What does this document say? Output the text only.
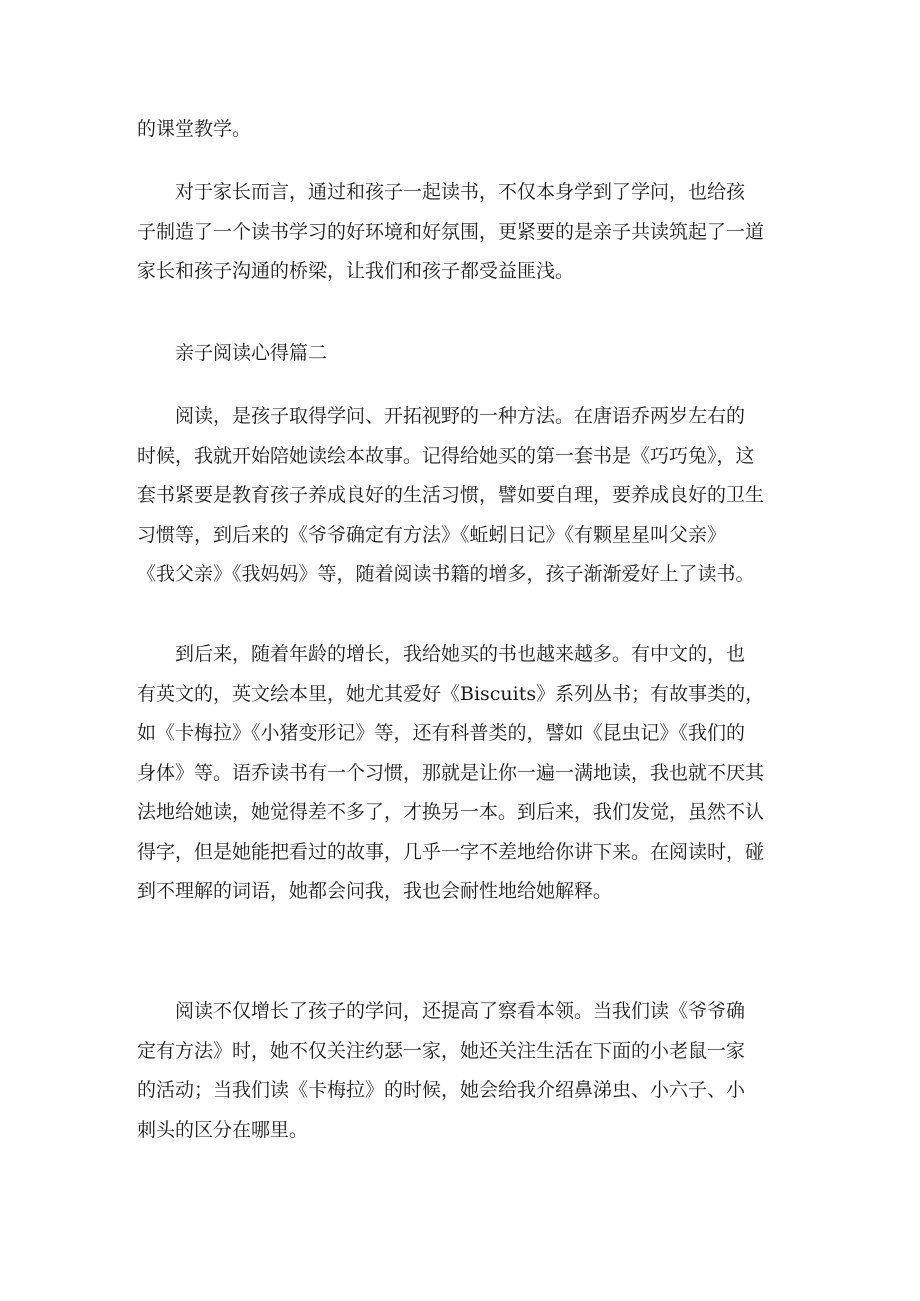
的课堂教学。
对于家长而言，通过和孩子一起读书，不仅本身学到了学问，也给孩
子制造了一个读书学习的好环境和好氛围，更紧要的是亲子共读筑起了一道
家长和孩子沟通的桥梁，让我们和孩子都受益匪浅。
亲子阅读心得篇二
阅读，是孩子取得学问、开拓视野的一种方法。在唐语乔两岁左右的
时候，我就开始陪她读绘本故事。记得给她买的第一套书是《巧巧兔》，这
套书紧要是教育孩子养成良好的生活习惯，譬如要自理，要养成良好的卫生
习惯等，到后来的《爷爷确定有方法》《蚯蚓日记》《有颗星星叫父亲》
《我父亲》《我妈妈》等，随着阅读书籍的增多，孩子渐渐爱好上了读书。
到后来，随着年龄的增长，我给她买的书也越来越多。有中文的，也
有英文的，英文绘本里，她尤其爱好《Biscuits》系列丛书；有故事类的，
如《卡梅拉》《小猪变形记》等，还有科普类的，譬如《昆虫记》《我们的
身体》等。语乔读书有一个习惯，那就是让你一遍一满地读，我也就不厌其
法地给她读，她觉得差不多了，才换另一本。到后来，我们发觉，虽然不认
得字，但是她能把看过的故事，几乎一字不差地给你讲下来。在阅读时，碰
到不理解的词语，她都会问我，我也会耐性地给她解释。
阅读不仅增长了孩子的学问，还提高了察看本领。当我们读《爷爷确
定有方法》时，她不仅关注约瑟一家，她还关注生活在下面的小老鼠一家
的活动；当我们读《卡梅拉》的时候，她会给我介绍鼻涕虫、小六子、小
刺头的区分在哪里。
